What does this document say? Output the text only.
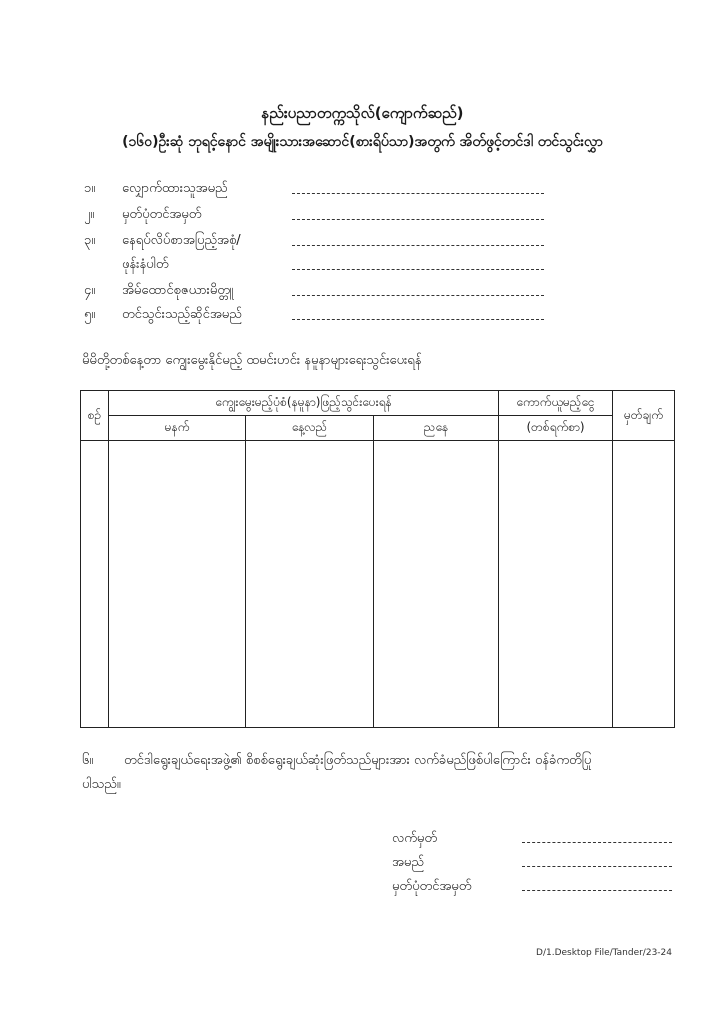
နည်းပညာတက္ကသိုလ်(ကျောက်ဆည်)
(၁၆၀)ဦးဆုံ ဘုရင့်နောင် အမျိုးသားအဆောင်(စားရိပ်သာ)အတွက် အိတ်ဖွင့်တင်ဒါ တင်သွင်းလွှာ
၁။ လျှောက်ထားသူအမည်
၂။ မှတ်ပုံတင်အမှတ်
၃။ နေရပ်လိပ်စာအပြည့်အစုံ/
ဖုန်းနံပါတ်
၄။ အိမ်ထောင်စုဇယားမိတ္တူ
၅။ တင်သွင်းသည့်ဆိုင်အမည်
မိမိတို့တစ်နေ့တာ ကျွေးမွေးနိုင်မည့် ထမင်းဟင်း နမူနာများရေးသွင်းပေးရန်
စဥ်	ကျွေးမွေးမည့်ပုံစံ(နမူနာ)ဖြည့်သွင်းပေးရန်			ကောက်ယူမည့်ငွေ	မှတ်ချက်
	မနက်	နေ့လည်	ညနေ	(တစ်ရက်စာ)	

၆။ တင်ဒါရွေးချယ်ရေးအဖွဲ့၏ စိစစ်ရွေးချယ်ဆုံးဖြတ်သည်များအား လက်ခံမည်ဖြစ်ပါကြောင်း ဝန်ခံကတိပြု
ပါသည်။
လက်မှတ်
အမည်
မှတ်ပုံတင်အမှတ်
D/1.Desktop File/Tander/23-24
